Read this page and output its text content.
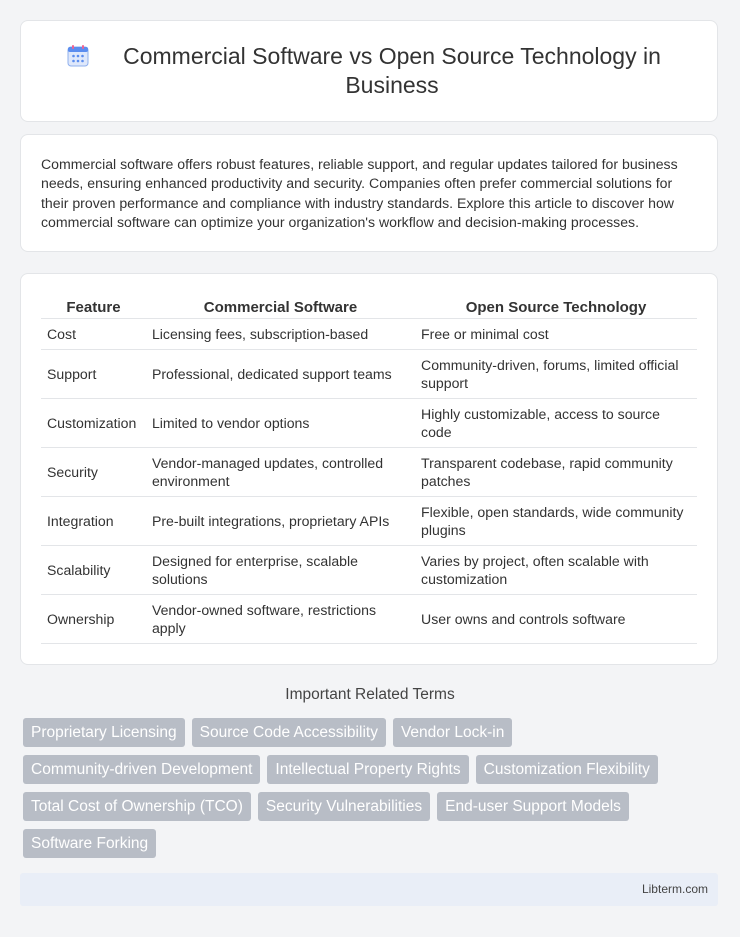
Commercial Software vs Open Source Technology in Business

Commercial software offers robust features, reliable support, and regular updates tailored for business needs, ensuring enhanced productivity and security. Companies often prefer commercial solutions for their proven performance and compliance with industry standards. Explore this article to discover how commercial software can optimize your organization's workflow and decision-making processes.

Feature	Commercial Software	Open Source Technology
Cost	Licensing fees, subscription-based	Free or minimal cost
Support	Professional, dedicated support teams	Community-driven, forums, limited official support
Customization	Limited to vendor options	Highly customizable, access to source code
Security	Vendor-managed updates, controlled environment	Transparent codebase, rapid community patches
Integration	Pre-built integrations, proprietary APIs	Flexible, open standards, wide community plugins
Scalability	Designed for enterprise, scalable solutions	Varies by project, often scalable with customization
Ownership	Vendor-owned software, restrictions apply	User owns and controls software
Important Related Terms
Proprietary Licensing	Source Code Accessibility	Vendor Lock-in
Community-driven Development	Intellectual Property Rights	Customization Flexibility
Total Cost of Ownership (TCO)	Security Vulnerabilities	End-user Support Models
Software Forking
Libterm.com
